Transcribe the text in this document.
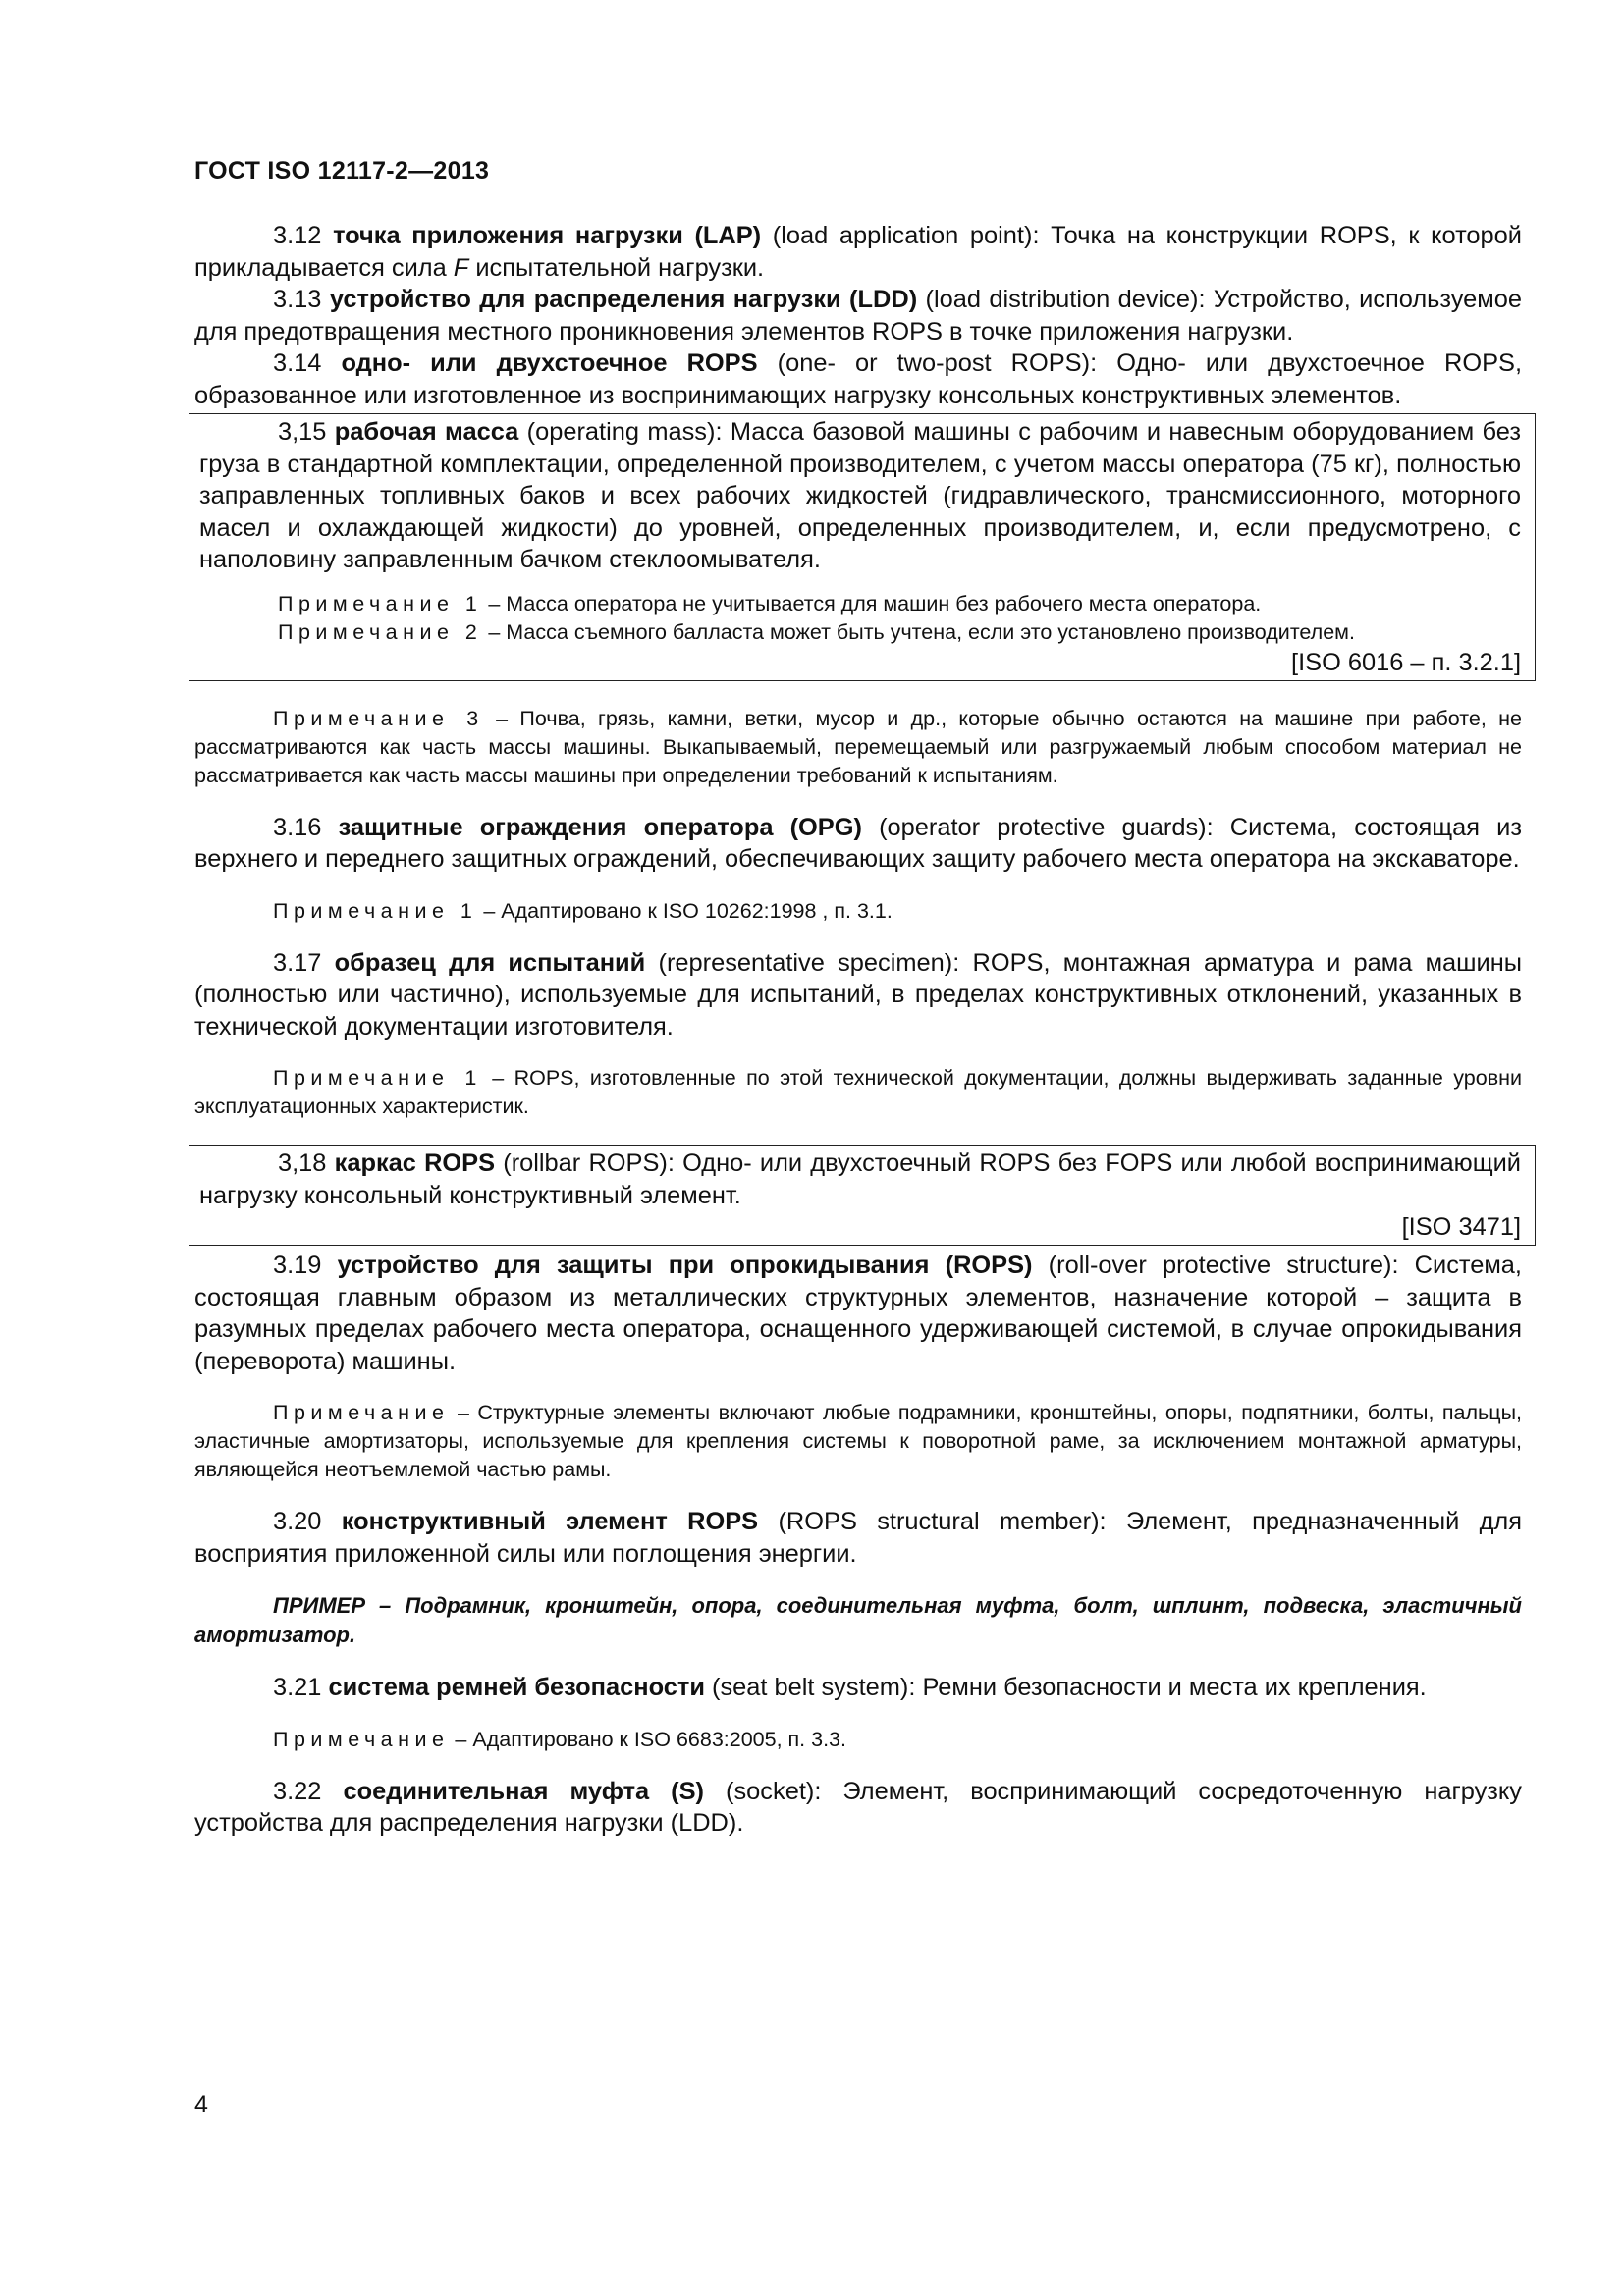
ГОСТ ISO 12117-2—2013

3.12 точка приложения нагрузки (LAP) (load application point): Точка на конструкции ROPS, к которой прикладывается сила F испытательной нагрузки.

3.13 устройство для распределения нагрузки (LDD) (load distribution device): Устройство, используемое для предотвращения местного проникновения элементов ROPS в точке приложения нагрузки.

3.14 одно- или двухстоечное ROPS (one- or two-post ROPS): Одно- или двухстоечное ROPS, образованное или изготовленное из воспринимающих нагрузку консольных конструктивных элементов.

3,15 рабочая масса (operating mass): Масса базовой машины с рабочим и навесным оборудованием без груза в стандартной комплектации, определенной производителем, с учетом массы оператора (75 кг), полностью заправленных топливных баков и всех рабочих жидкостей (гидравлического, трансмиссионного, моторного масел и охлаждающей жидкости) до уровней, определенных производителем, и, если предусмотрено, с наполовину заправленным бачком стеклоомывателя.

Примечание 1 – Масса оператора не учитывается для машин без рабочего места оператора.

Примечание 2 – Масса съемного балласта может быть учтена, если это установлено производителем.

[ISO 6016 – п. 3.2.1]

Примечание 3 – Почва, грязь, камни, ветки, мусор и др., которые обычно остаются на машине при работе, не рассматриваются как часть массы машины. Выкапываемый, перемещаемый или разгружаемый любым способом материал не рассматривается как часть массы машины при определении требований к испытаниям.

3.16 защитные ограждения оператора (OPG) (operator protective guards): Система, состоящая из верхнего и переднего защитных ограждений, обеспечивающих защиту рабочего места оператора на экскаваторе.

Примечание 1 – Адаптировано к ISO 10262:1998 , п. 3.1.

3.17 образец для испытаний (representative specimen): ROPS, монтажная арматура и рама машины (полностью или частично), используемые для испытаний, в пределах конструктивных отклонений, указанных в технической документации изготовителя.

Примечание 1 – ROPS, изготовленные по этой технической документации, должны выдерживать заданные уровни эксплуатационных характеристик.

3,18 каркас ROPS (rollbar ROPS): Одно- или двухстоечный ROPS без FOPS или любой воспринимающий нагрузку консольный конструктивный элемент.

[ISO 3471]

3.19 устройство для защиты при опрокидывания (ROPS) (roll-over protective structure): Система, состоящая главным образом из металлических структурных элементов, назначение которой – защита в разумных пределах рабочего места оператора, оснащенного удерживающей системой, в случае опрокидывания (переворота) машины.

Примечание – Структурные элементы включают любые подрамники, кронштейны, опоры, подпятники, болты, пальцы, эластичные амортизаторы, используемые для крепления системы к поворотной раме, за исключением монтажной арматуры, являющейся неотъемлемой частью рамы.

3.20 конструктивный элемент ROPS (ROPS structural member): Элемент, предназначенный для восприятия приложенной силы или поглощения энергии.

ПРИМЕР – Подрамник, кронштейн, опора, соединительная муфта, болт, шплинт, подвеска, эластичный амортизатор.

3.21 система ремней безопасности (seat belt system): Ремни безопасности и места их крепления.

Примечание – Адаптировано к ISO 6683:2005, п. 3.3.

3.22 соединительная муфта (S) (socket): Элемент, воспринимающий сосредоточенную нагрузку устройства для распределения нагрузки (LDD).

4
